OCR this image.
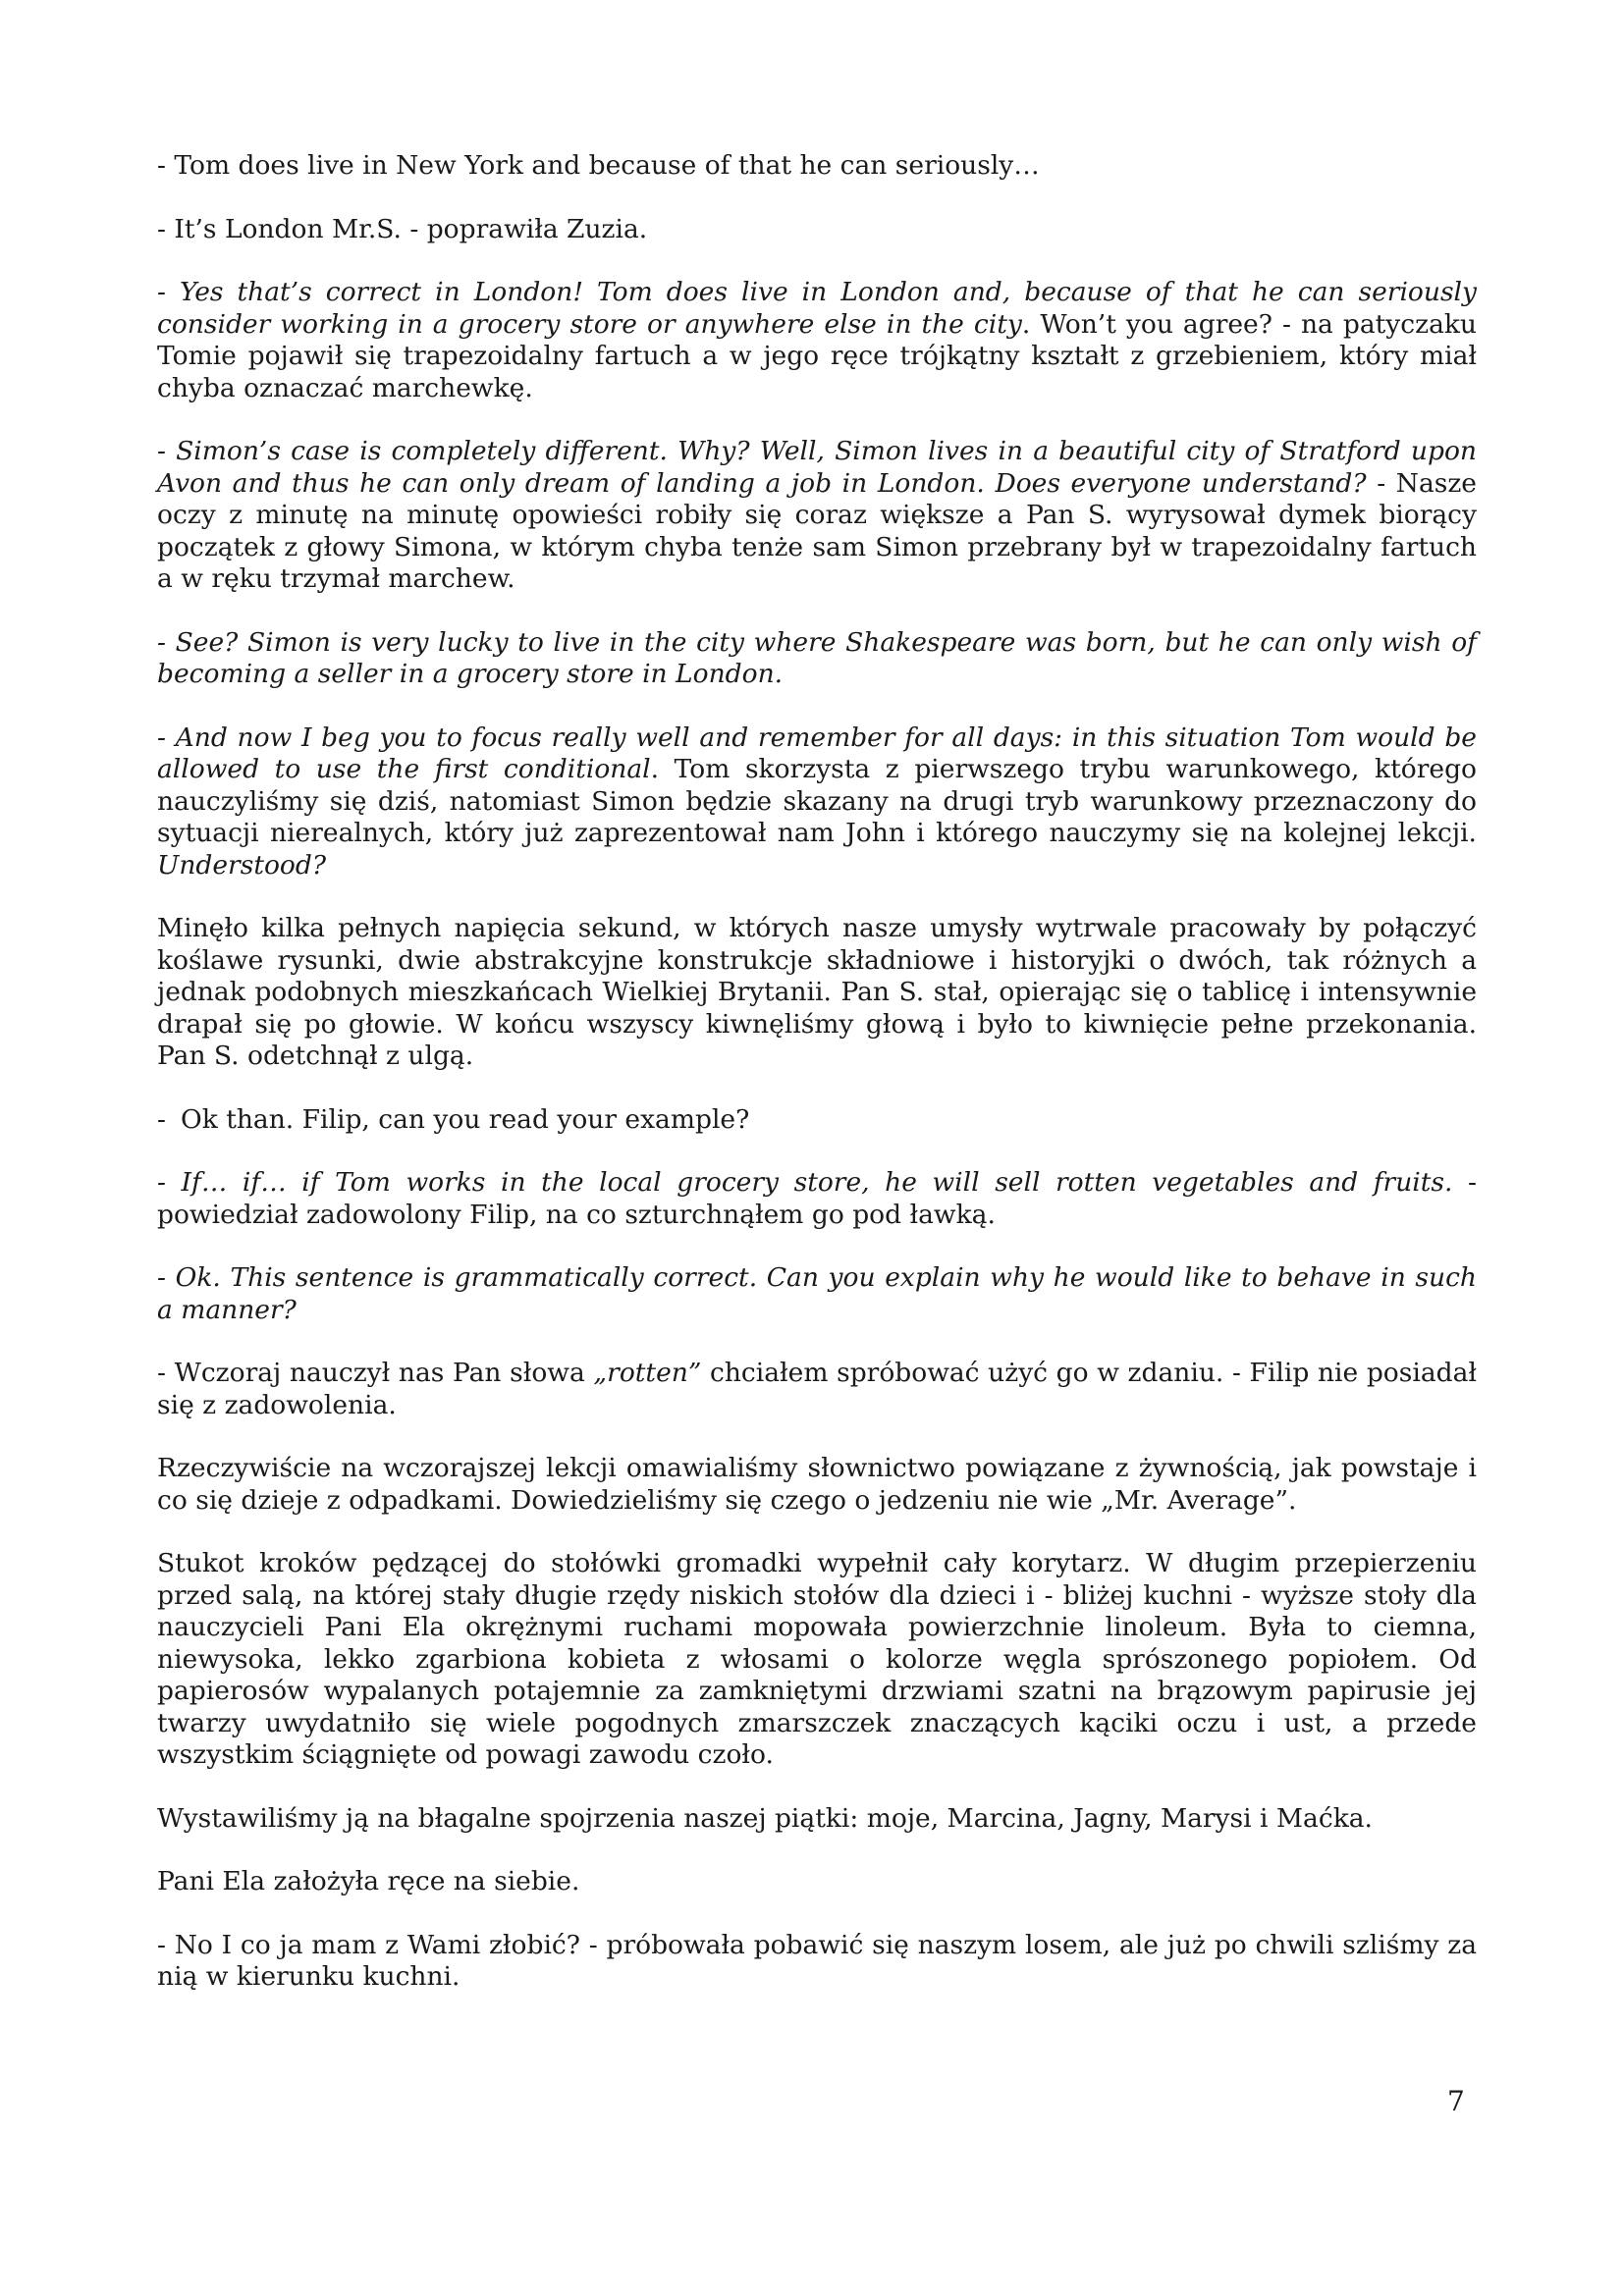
- Tom does live in New York and because of that he can seriously…

- It’s London Mr.S. - poprawiła Zuzia.

- Yes that’s correct in London! Tom does live in London and, because of that he can seriously consider working in a grocery store or anywhere else in the city. Won’t you agree? - na patyczaku Tomie pojawił się trapezoidalny fartuch a w jego ręce trójkątny kształt z grzebieniem, który miał chyba oznaczać marchewkę.

- Simon’s case is completely different. Why? Well, Simon lives in a beautiful city of Stratford upon Avon and thus he can only dream of landing a job in London. Does everyone understand? - Nasze oczy z minutę na minutę opowieści robiły się coraz większe a Pan S. wyrysował dymek biorący początek z głowy Simona, w którym chyba tenże sam Simon przebrany był w trapezoidalny fartuch a w ręku trzymał marchew.

- See? Simon is very lucky to live in the city where Shakespeare was born, but he can only wish of becoming a seller in a grocery store in London.

- And now I beg you to focus really well and remember for all days: in this situation Tom would be allowed to use the first conditional. Tom skorzysta z pierwszego trybu warunkowego, którego nauczyliśmy się dziś, natomiast Simon będzie skazany na drugi tryb warunkowy przeznaczony do sytuacji nierealnych, który już zaprezentował nam John i którego nauczymy się na kolejnej lekcji. Understood?

Minęło kilka pełnych napięcia sekund, w których nasze umysły wytrwale pracowały by połączyć koślawe rysunki, dwie abstrakcyjne konstrukcje składniowe i historyjki o dwóch, tak różnych a jednak podobnych mieszkańcach Wielkiej Brytanii. Pan S. stał, opierając się o tablicę i intensywnie drapał się po głowie. W końcu wszyscy kiwnęliśmy głową i było to kiwnięcie pełne przekonania. Pan S. odetchnął z ulgą.

- Ok than. Filip, can you read your example?

- If… if… if Tom works in the local grocery store, he will sell rotten vegetables and fruits. - powiedział zadowolony Filip, na co szturchnąłem go pod ławką.

- Ok. This sentence is grammatically correct. Can you explain why he would like to behave in such a manner?

- Wczoraj nauczył nas Pan słowa „rotten” chciałem spróbować użyć go w zdaniu. - Filip nie posiadał się z zadowolenia.

Rzeczywiście na wczorajszej lekcji omawialiśmy słownictwo powiązane z żywnością, jak powstaje i co się dzieje z odpadkami. Dowiedzieliśmy się czego o jedzeniu nie wie „Mr. Average”.

Stukot kroków pędzącej do stołówki gromadki wypełnił cały korytarz. W długim przepierzeniu przed salą, na której stały długie rzędy niskich stołów dla dzieci i - bliżej kuchni - wyższe stoły dla nauczycieli Pani Ela okrężnymi ruchami mopowała powierzchnie linoleum. Była to ciemna, niewysoka, lekko zgarbiona kobieta z włosami o kolorze węgla sprószonego popiołem. Od papierosów wypalanych potajemnie za zamkniętymi drzwiami szatni na brązowym papirusie jej twarzy uwydatniło się wiele pogodnych zmarszczek znaczących kąciki oczu i ust, a przede wszystkim ściągnięte od powagi zawodu czoło.

Wystawiliśmy ją na błagalne spojrzenia naszej piątki: moje, Marcina, Jagny, Marysi i Maćka.

Pani Ela założyła ręce na siebie.

- No I co ja mam z Wami złobić? - próbowała pobawić się naszym losem, ale już po chwili szliśmy za nią w kierunku kuchni.

7
